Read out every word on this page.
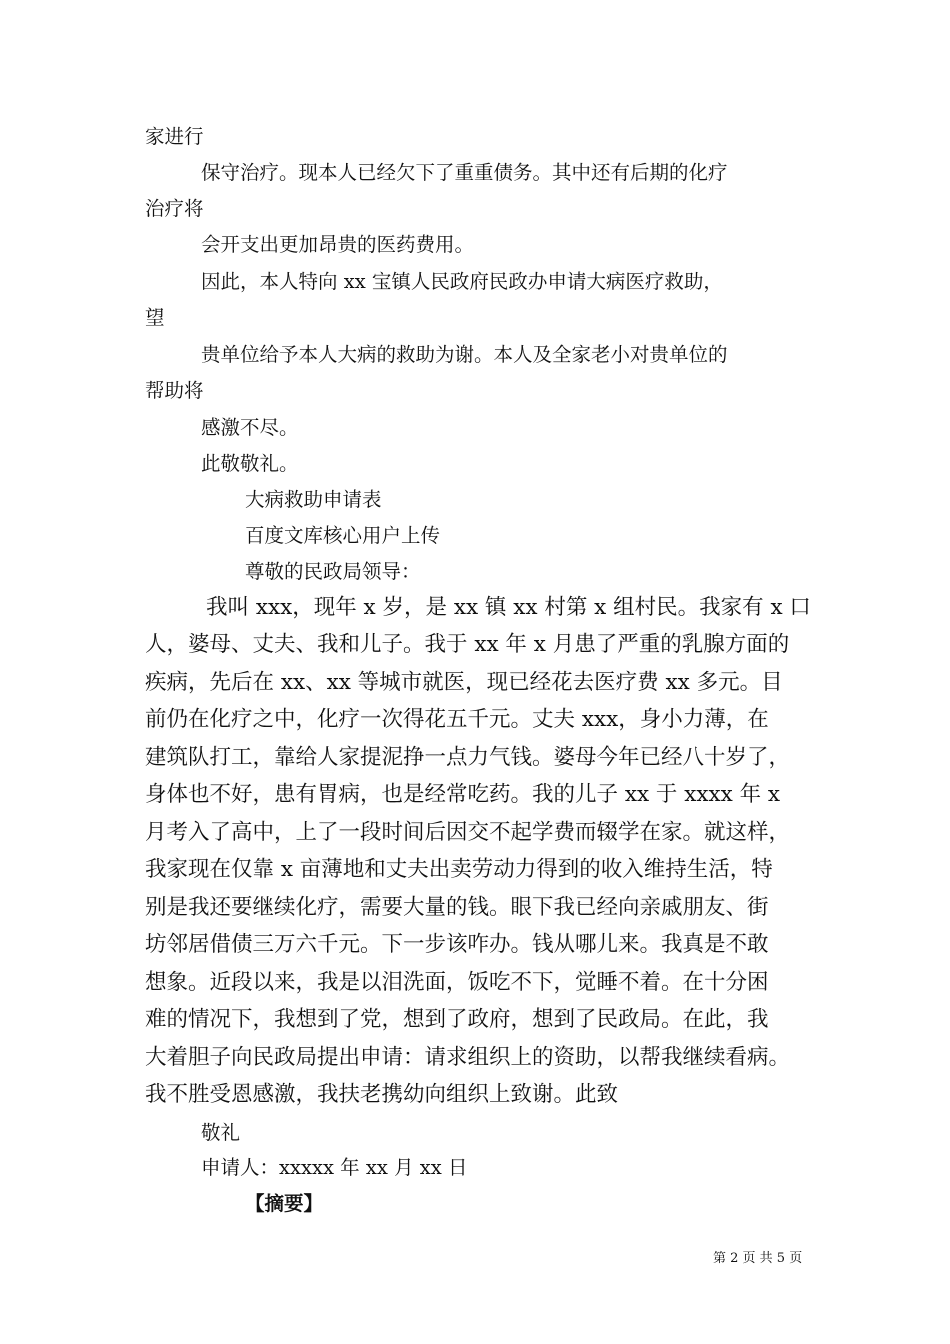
家进行
保守治疗。现本人已经欠下了重重债务。其中还有后期的化疗
治疗将
会开支出更加昂贵的医药费用。
因此，本人特向 xx 宝镇人民政府民政办申请大病医疗救助，
望
贵单位给予本人大病的救助为谢。本人及全家老小对贵单位的
帮助将
感激不尽。
此敬敬礼。
大病救助申请表
百度文库核心用户上传
尊敬的民政局领导：
我叫 xxx，现年 x 岁，是 xx 镇 xx 村第 x 组村民。我家有 x 口
人，婆母、丈夫、我和儿子。我于 xx 年 x 月患了严重的乳腺方面的
疾病，先后在 xx、xx 等城市就医，现已经花去医疗费 xx 多元。目
前仍在化疗之中，化疗一次得花五千元。丈夫 xxx，身小力薄，在
建筑队打工，靠给人家提泥挣一点力气钱。婆母今年已经八十岁了，
身体也不好，患有胃病，也是经常吃药。我的儿子 xx 于 xxxx 年 x
月考入了高中，上了一段时间后因交不起学费而辍学在家。就这样，
我家现在仅靠 x 亩薄地和丈夫出卖劳动力得到的收入维持生活，特
别是我还要继续化疗，需要大量的钱。眼下我已经向亲戚朋友、街
坊邻居借债三万六千元。下一步该咋办。钱从哪儿来。我真是不敢
想象。近段以来，我是以泪洗面，饭吃不下，觉睡不着。在十分困
难的情况下，我想到了党，想到了政府，想到了民政局。在此，我
大着胆子向民政局提出申请：请求组织上的资助，以帮我继续看病。
我不胜受恩感激，我扶老携幼向组织上致谢。此致
敬礼
申请人：xxxxx 年 xx 月 xx 日
【摘要】
第 2 页 共 5 页
